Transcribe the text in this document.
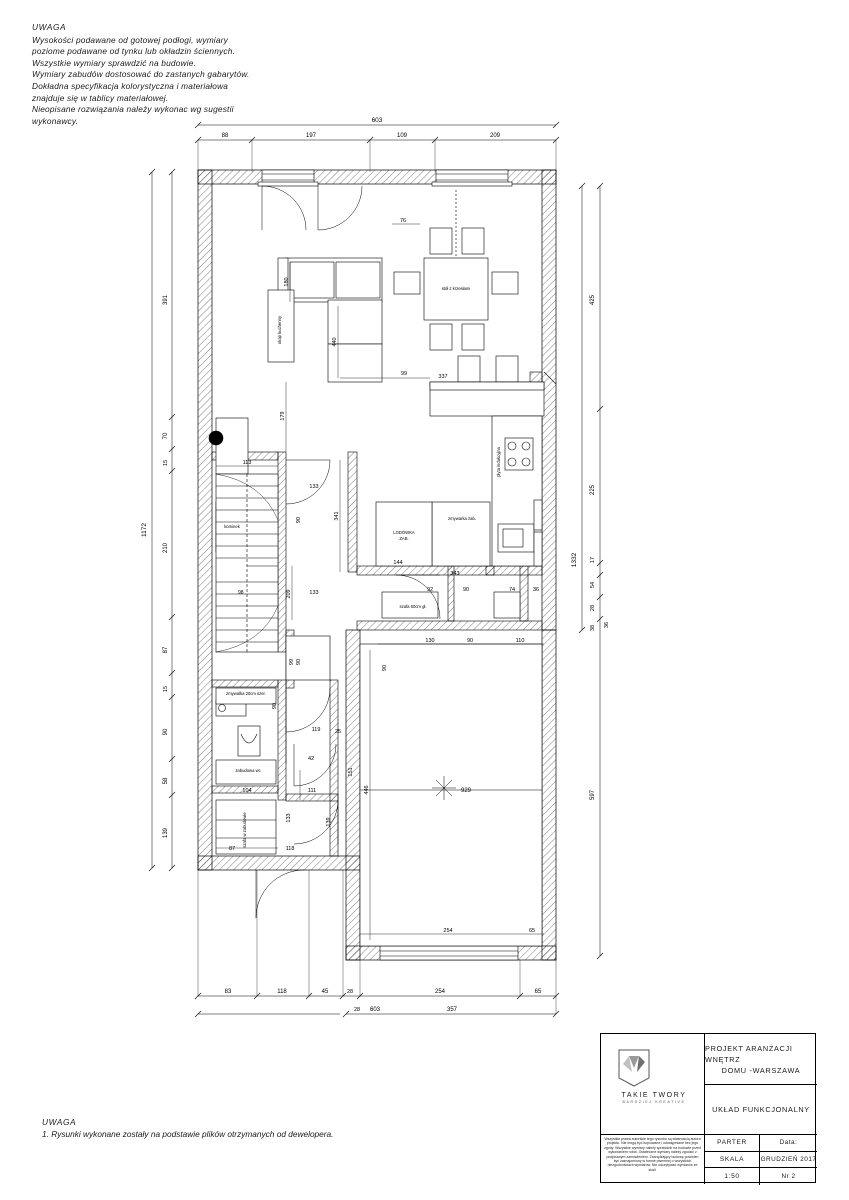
UWAGA
Wysokości podawane od gotowej podłogi, wymiary
poziome podawane od tynku lub okładzin ściennych.
Wszystkie wymiary sprawdzić na budowie.
Wymiary zabudów dostosować do zastanych gabarytów.
Dokładna specyfikacja kolorystyczna i materiałowa
znajduje się w tablicy materiałowej.
Nieopisane rozwiązania należy wykonac wg sugestii
wykonawcy.	603
88	197	109	209
98
929
1172
391
70
15
210
87
15
90
58
139
425
225
17
54
28
38 36
597
1332
83	118	45	28	254	65
28 603	357
76
99
180
440
179
341
209
446
130	90	110
254	65
113
133
133
90
90
90
99
144
343
92	90	74	36
337
119	25
42
111
104
133	139
118
87
151
90
stół z krzesłami
zmywarka zab.
LODÓWKA
ZAB.
szafa 60cm gł.
kominek
zmywalka 20cm szer.
zabudowa wc
szafa w zabudowie
okap kuchenny
płyta indukcyjna
UWAGA
1. Rysunki wykonane zostały na podstawie plików otrzymanych od dewelopera.
TAKIE TWORY
BARDZIEJ KREATIVE
PROJEKT ARANŻACJI WNĘTRZ
DOMU -WARSZAWA
UKŁAD FUNKCJONALNY
Wszystkie prawa autorskie tego rysunku są własnością autora projektu. Nie mogą być kopiowane i udostępniane bez jego zgody. Wszystkie wymiary należy sprawdzić na budowie przed wykonaniem robót. Ostateczne wymiary należy zgodzić z podpisanym zamówieniem. Zarządzający budowę powinien być zaznajomiony w formie pisemnej o wszystkich niezgodnościach wymiarów. Nie odczytywać wymiarów ze skali.
PARTER	Data:
SKALA	GRUDZIEŃ 2017
1:50	Nr 2
